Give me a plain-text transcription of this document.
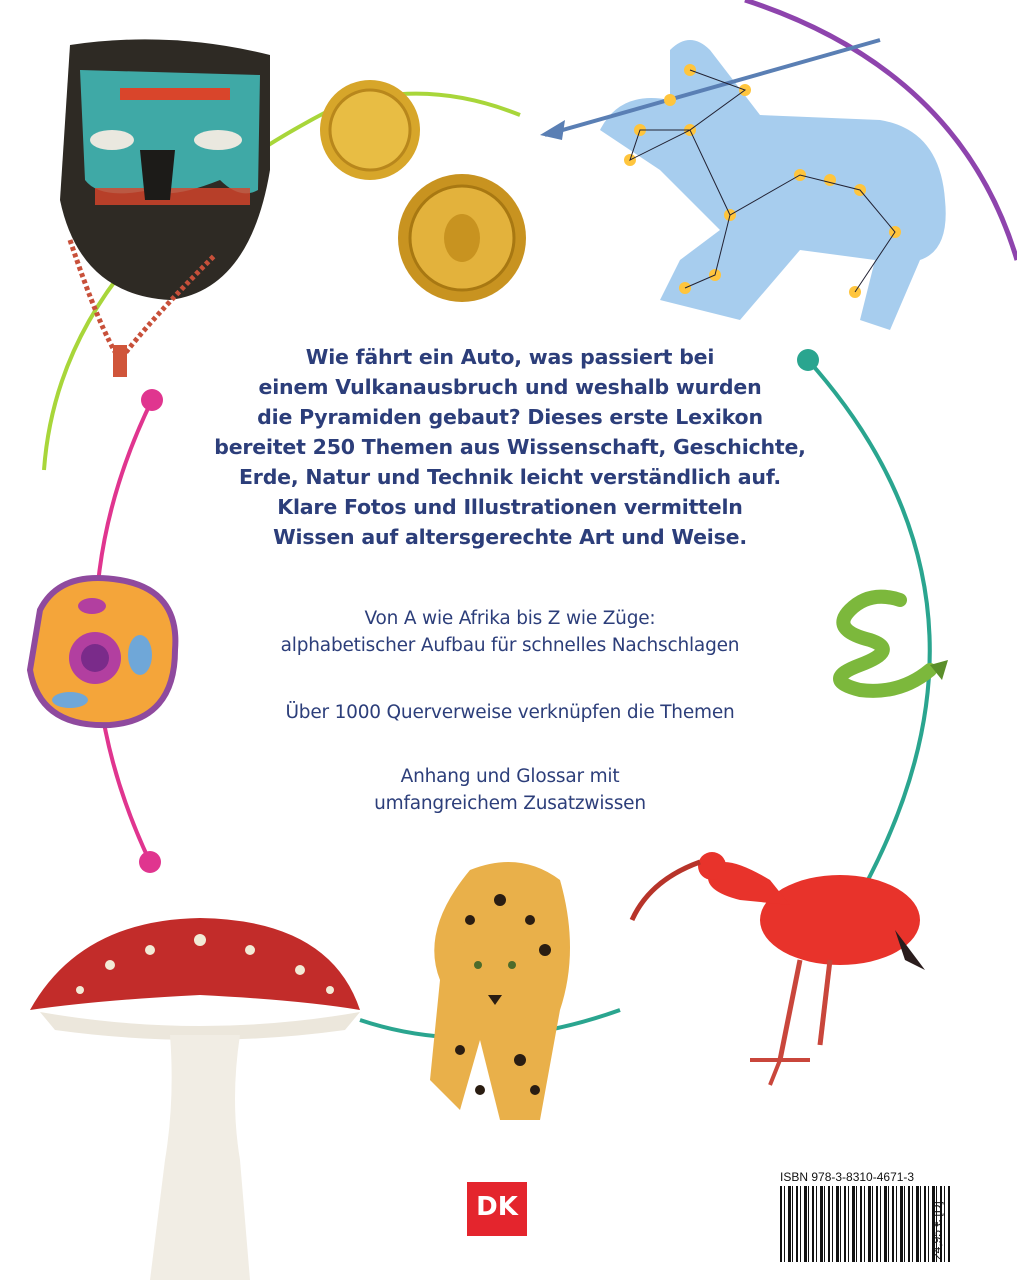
Wie fährt ein Auto, was passiert bei
einem Vulkanausbruch und weshalb wurden
die Pyramiden gebaut? Dieses erste Lexikon
bereitet 250 Themen aus Wissenschaft, Geschichte,
Erde, Natur und Technik leicht verständlich auf.
Klare Fotos und Illustrationen vermitteln
Wissen auf altersgerechte Art und Weise.
Von A wie Afrika bis Z wie Züge:
alphabetischer Aufbau für schnelles Nachschlagen
Über 1000 Querverweise verknüpfen die Themen
Anhang und Glossar mit
umfangreichem Zusatzwissen
DK
ISBN 978-3-8310-4671-3
24,95 € [D]
